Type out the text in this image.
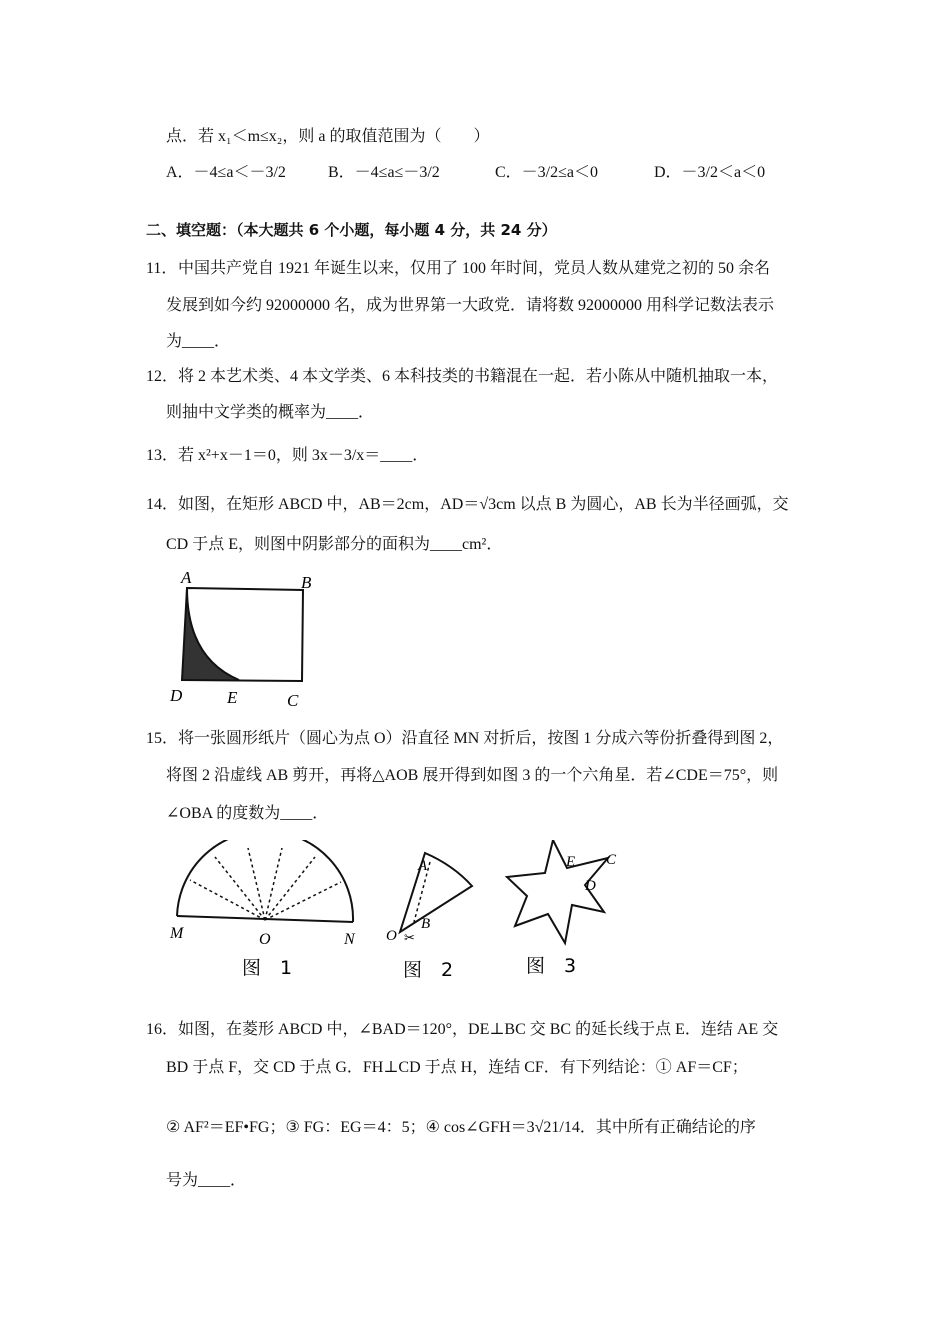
点．若 x₁＜m≤x₂，则 a 的取值范围为（　　）
A．－4≤a＜－3/2	B．－4≤a≤－3/2	C．－3/2≤a＜0	D．－3/2＜a＜0
二、填空题：（本大题共 6 个小题，每小题 4 分，共 24 分）
11． 中国共产党自 1921 年诞生以来，仅用了 100 年时间，党员人数从建党之初的 50 余名
发展到如今约 92000000 名，成为世界第一大政党．请将数 92000000 用科学记数法表示
为____．
12． 将 2 本艺术类、4 本文学类、6 本科技类的书籍混在一起．若小陈从中随机抽取一本，
则抽中文学类的概率为____．
13． 若 x²+x－1＝0，则 3x－3/x＝____．
14． 如图，在矩形 ABCD 中，AB＝2cm，AD＝√3cm 以点 B 为圆心，AB 长为半径画弧，交
CD 于点 E，则图中阴影部分的面积为____cm²．
A	B
D	E	C
15． 将一张圆形纸片（圆心为点 O）沿直径 MN 对折后，按图 1 分成六等份折叠得到图 2，
将图 2 沿虚线 AB 剪开，再将△AOB 展开得到如图 3 的一个六角星．若∠CDE＝75°，则
∠OBA 的度数为____．
M	O	N
图　1
A
B
O ✂
图　2
E C
D
图　3
16． 如图，在菱形 ABCD 中，∠BAD＝120°，DE⊥BC 交 BC 的延长线于点 E．连结 AE 交
BD 于点 F，交 CD 于点 G．FH⊥CD 于点 H，连结 CF．有下列结论：① AF＝CF；
② AF²＝EF•FG；③ FG：EG＝4：5；④ cos∠GFH＝3√21/14．其中所有正确结论的序
号为____．
